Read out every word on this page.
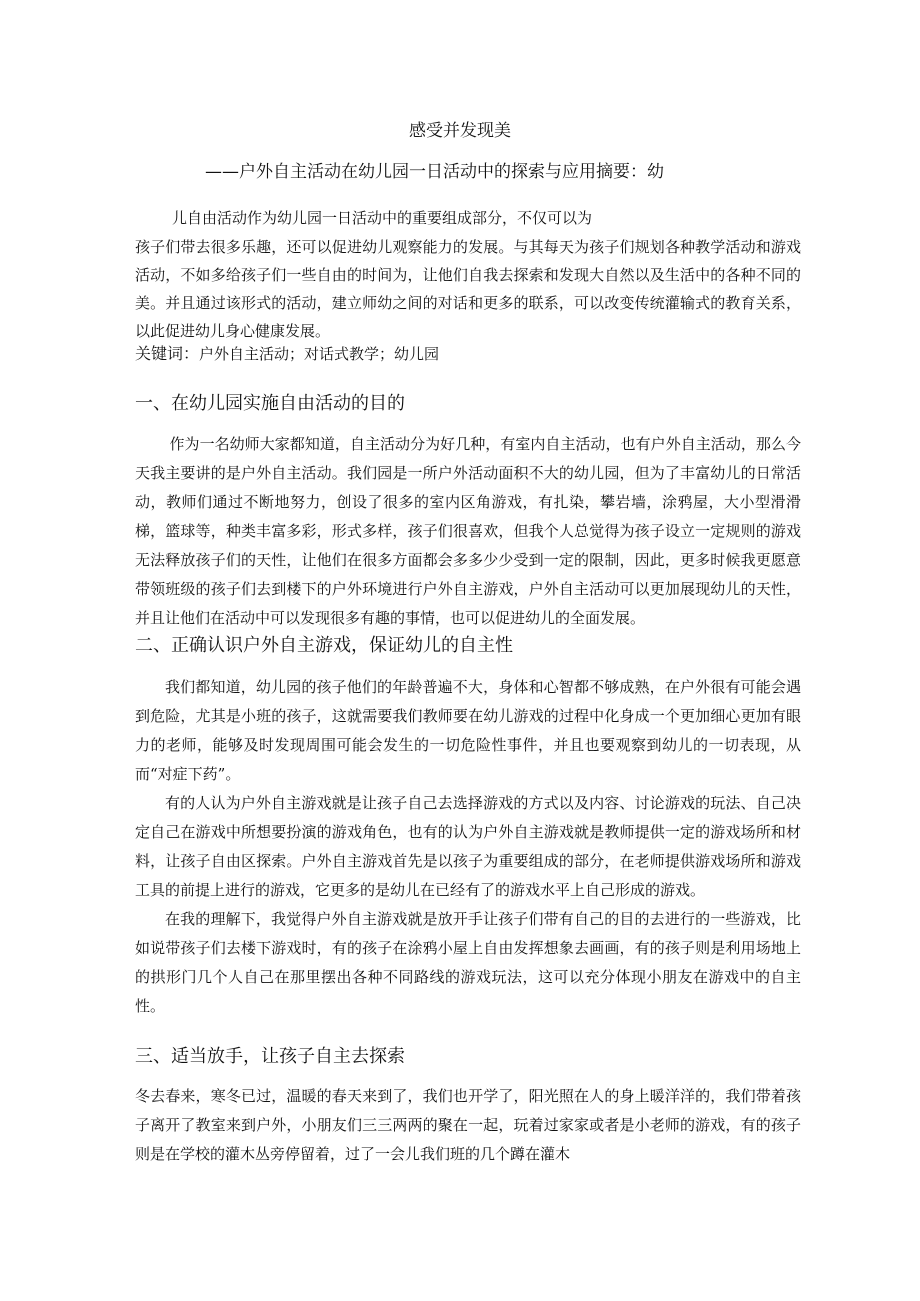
感受并发现美
——户外自主活动在幼儿园一日活动中的探索与应用摘要：幼
儿自由活动作为幼儿园一日活动中的重要组成部分，不仅可以为
孩子们带去很多乐趣，还可以促进幼儿观察能力的发展。与其每天为孩子们规划各种教学活动和游戏活动，不如多给孩子们一些自由的时间为，让他们自我去探索和发现大自然以及生活中的各种不同的美。并且通过该形式的活动，建立师幼之间的对话和更多的联系，可以改变传统灌输式的教育关系，以此促进幼儿身心健康发展。
关键词：户外自主活动；对话式教学；幼儿园
一、在幼儿园实施自由活动的目的

作为一名幼师大家都知道，自主活动分为好几种，有室内自主活动，也有户外自主活动，那么今天我主要讲的是户外自主活动。我们园是一所户外活动面积不大的幼儿园，但为了丰富幼儿的日常活动，教师们通过不断地努力，创设了很多的室内区角游戏，有扎染，攀岩墙，涂鸦屋，大小型滑滑梯，篮球等，种类丰富多彩，形式多样，孩子们很喜欢，但我个人总觉得为孩子设立一定规则的游戏无法释放孩子们的天性，让他们在很多方面都会多多少少受到一定的限制，因此，更多时候我更愿意带领班级的孩子们去到楼下的户外环境进行户外自主游戏，户外自主活动可以更加展现幼儿的天性，并且让他们在活动中可以发现很多有趣的事情，也可以促进幼儿的全面发展。

二、正确认识户外自主游戏，保证幼儿的自主性

我们都知道，幼儿园的孩子他们的年龄普遍不大，身体和心智都不够成熟，在户外很有可能会遇到危险，尤其是小班的孩子，这就需要我们教师要在幼儿游戏的过程中化身成一个更加细心更加有眼力的老师，能够及时发现周围可能会发生的一切危险性事件，并且也要观察到幼儿的一切表现，从而“对症下药”。

有的人认为户外自主游戏就是让孩子自己去选择游戏的方式以及内容、讨论游戏的玩法、自己决定自己在游戏中所想要扮演的游戏角色，也有的认为户外自主游戏就是教师提供一定的游戏场所和材料，让孩子自由区探索。户外自主游戏首先是以孩子为重要组成的部分，在老师提供游戏场所和游戏工具的前提上进行的游戏，它更多的是幼儿在已经有了的游戏水平上自己形成的游戏。

在我的理解下，我觉得户外自主游戏就是放开手让孩子们带有自己的目的去进行的一些游戏，比如说带孩子们去楼下游戏时，有的孩子在涂鸦小屋上自由发挥想象去画画，有的孩子则是利用场地上的拱形门几个人自己在那里摆出各种不同路线的游戏玩法，这可以充分体现小朋友在游戏中的自主性。

三、适当放手，让孩子自主去探索

冬去春来，寒冬已过，温暖的春天来到了，我们也开学了，阳光照在人的身上暖洋洋的，我们带着孩子离开了教室来到户外，小朋友们三三两两的聚在一起，玩着过家家或者是小老师的游戏，有的孩子则是在学校的灌木丛旁停留着，过了一会儿我们班的几个蹲在灌木
